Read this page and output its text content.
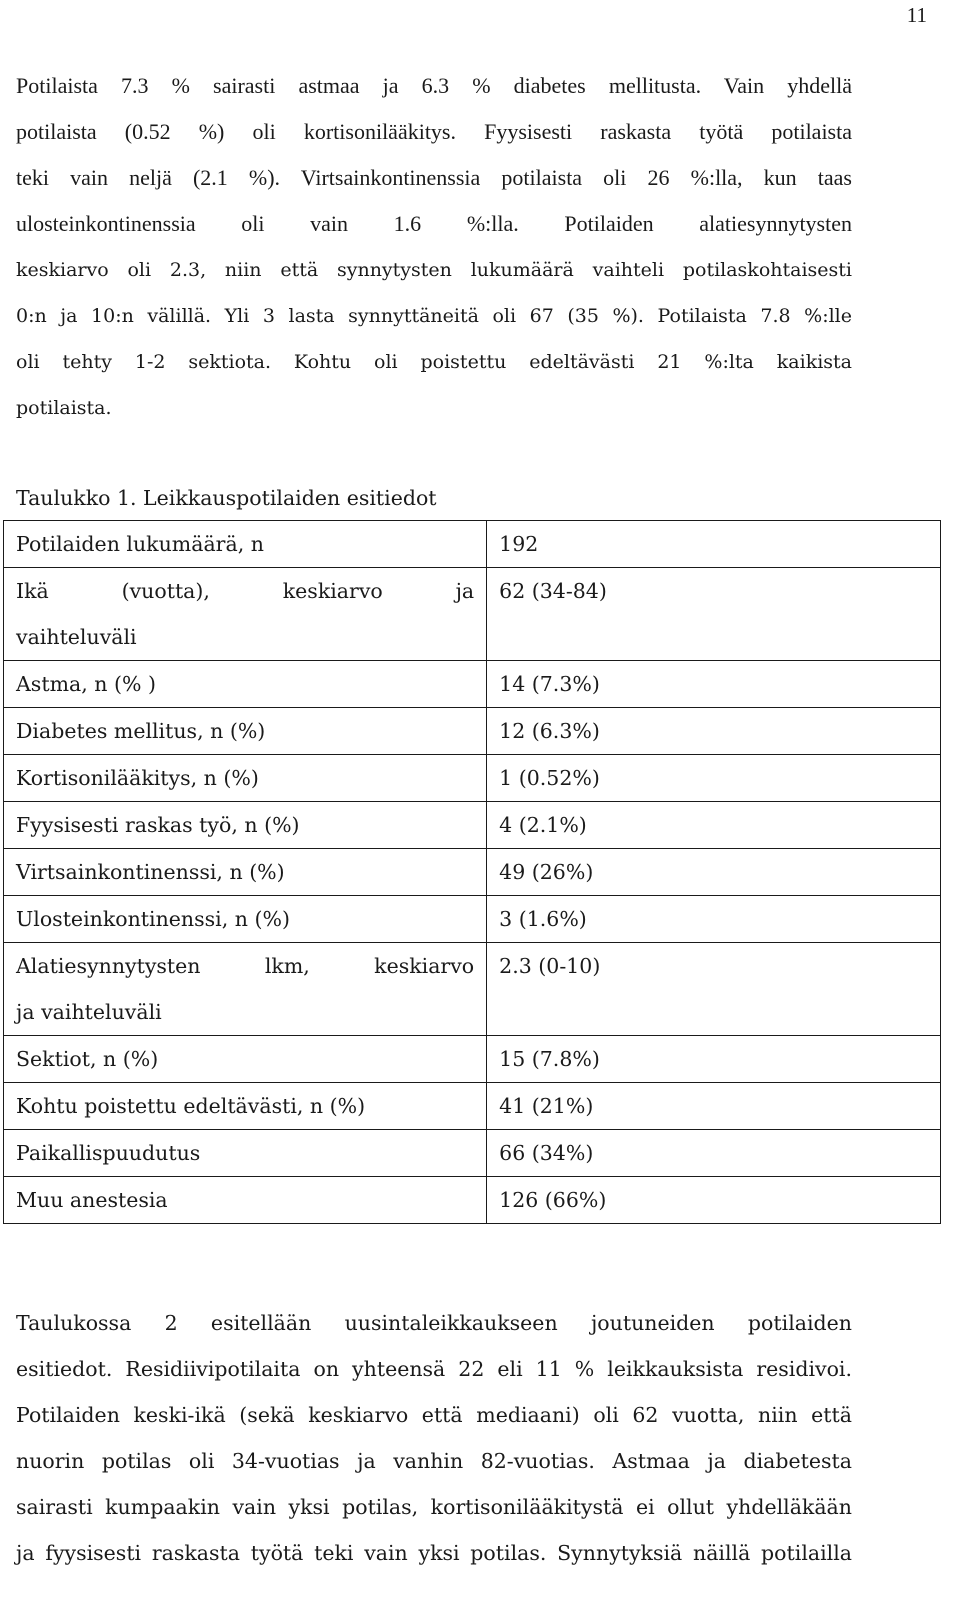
11
Potilaista 7.3 % sairasti astmaa ja 6.3 % diabetes mellitusta. Vain yhdellä
potilaista (0.52 %) oli kortisonilääkitys. Fyysisesti raskasta työtä potilaista
teki vain neljä (2.1 %). Virtsainkontinenssia potilaista oli 26 %:lla, kun taas
ulosteinkontinenssia oli vain 1.6 %:lla. Potilaiden alatiesynnytysten
keskiarvo oli 2.3, niin että synnytysten lukumäärä vaihteli potilaskohtaisesti
0:n ja 10:n välillä. Yli 3 lasta synnyttäneitä oli 67 (35 %). Potilaista 7.8 %:lle
oli tehty 1-2 sektiota. Kohtu oli poistettu edeltävästi 21 %:lta kaikista
potilaista.
Taulukko 1. Leikkauspotilaiden esitiedot
Potilaiden lukumäärä, n	192

Ikä (vuotta), keskiarvo ja
vaihteluväli	62 (34-84)
Astma, n (% )	14 (7.3%)
Diabetes mellitus, n (%)	12 (6.3%)
Kortisonilääkitys, n (%)	1 (0.52%)
Fyysisesti raskas työ, n (%)	4 (2.1%)
Virtsainkontinenssi, n (%)	49 (26%)
Ulosteinkontinenssi, n (%)	3 (1.6%)

Alatiesynnytysten lkm, keskiarvo
ja vaihteluväli	2.3 (0-10)
Sektiot, n (%)	15 (7.8%)
Kohtu poistettu edeltävästi, n (%)	41 (21%)
Paikallispuudutus	66 (34%)
Muu anestesia	126 (66%)
Taulukossa 2 esitellään uusintaleikkaukseen joutuneiden potilaiden
esitiedot. Residiivipotilaita on yhteensä 22 eli 11 % leikkauksista residivoi.
Potilaiden keski-ikä (sekä keskiarvo että mediaani) oli 62 vuotta, niin että
nuorin potilas oli 34-vuotias ja vanhin 82-vuotias. Astmaa ja diabetesta
sairasti kumpaakin vain yksi potilas, kortisonilääkitystä ei ollut yhdelläkään
ja fyysisesti raskasta työtä teki vain yksi potilas. Synnytyksiä näillä potilailla
